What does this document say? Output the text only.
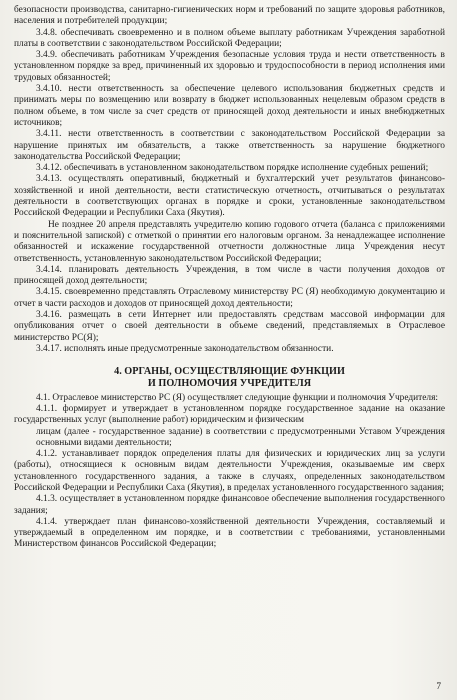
безопасности производства, санитарно-гигиенических норм и требований по защите здоровья работников, населения и потребителей продукции;

3.4.8. обеспечивать своевременно и в полном объеме выплату работникам Учреждения заработной платы в соответствии с законодательством Российской Федерации;

3.4.9. обеспечивать работникам Учреждения безопасные условия труда и нести ответственность в установленном порядке за вред, причиненный их здоровью и трудоспособности в период исполнения ими трудовых обязанностей;

3.4.10. нести ответственность за обеспечение целевого использования бюджетных средств и принимать меры по возмещению или возврату в бюджет использованных нецелевым образом средств в полном объеме, в том числе за счет средств от приносящей доход деятельности и иных внебюджетных источников;

3.4.11. нести ответственность в соответствии с законодательством Российской Федерации за нарушение принятых им обязательств, а также ответственность за нарушение бюджетного законодательства Российской Федерации;

3.4.12. обеспечивать в установленном законодательством порядке исполнение судебных решений;

3.4.13. осуществлять оперативный, бюджетный и бухгалтерский учет результатов финансово-хозяйственной и иной деятельности, вести статистическую отчетность, отчитываться о результатах деятельности в соответствующих органах в порядке и сроки, установленные законодательством Российской Федерации и Республики Саха (Якутия).

Не позднее 20 апреля представлять учредителю копию годового отчета (баланса с приложениями и пояснительной запиской) с отметкой о принятии его налоговым органом. За ненадлежащее исполнение обязанностей и искажение государственной отчетности должностные лица Учреждения несут ответственность, установленную законодательством Российской Федерации;

3.4.14. планировать деятельность Учреждения, в том числе в части получения доходов от приносящей доход деятельности;

3.4.15. своевременно представлять Отраслевому министерству РС (Я) необходимую документацию и отчет в части расходов и доходов от приносящей доход деятельности;

3.4.16. размещать в сети Интернет или предоставлять средствам массовой информации для опубликования отчет о своей деятельности в объеме сведений, представляемых в Отраслевое министерство РС(Я);

3.4.17. исполнять иные предусмотренные законодательством обязанности.

4. ОРГАНЫ, ОСУЩЕСТВЛЯЮЩИЕ ФУНКЦИИ
И ПОЛНОМОЧИЯ УЧРЕДИТЕЛЯ

4.1. Отраслевое министерство РС (Я) осуществляет следующие функции и полномочия Учредителя:

4.1.1. формирует и утверждает в установленном порядке государственное задание на оказание государственных услуг (выполнение работ) юридическим и физическим

лицам (далее - государственное задание) в соответствии с предусмотренными Уставом Учреждения основными видами деятельности;

4.1.2. устанавливает порядок определения платы для физических и юридических лиц за услуги (работы), относящиеся к основным видам деятельности Учреждения, оказываемые им сверх установленного государственного задания, а также в случаях, определенных законодательством Российской Федерации и Республики Саха (Якутия), в пределах установленного государственного задания;

4.1.3. осуществляет в установленном порядке финансовое обеспечение выполнения государственного задания;

4.1.4. утверждает план финансово-хозяйственной деятельности Учреждения, составляемый и утверждаемый в определенном им порядке, и в соответствии с требованиями, установленными Министерством финансов Российской Федерации;

7
